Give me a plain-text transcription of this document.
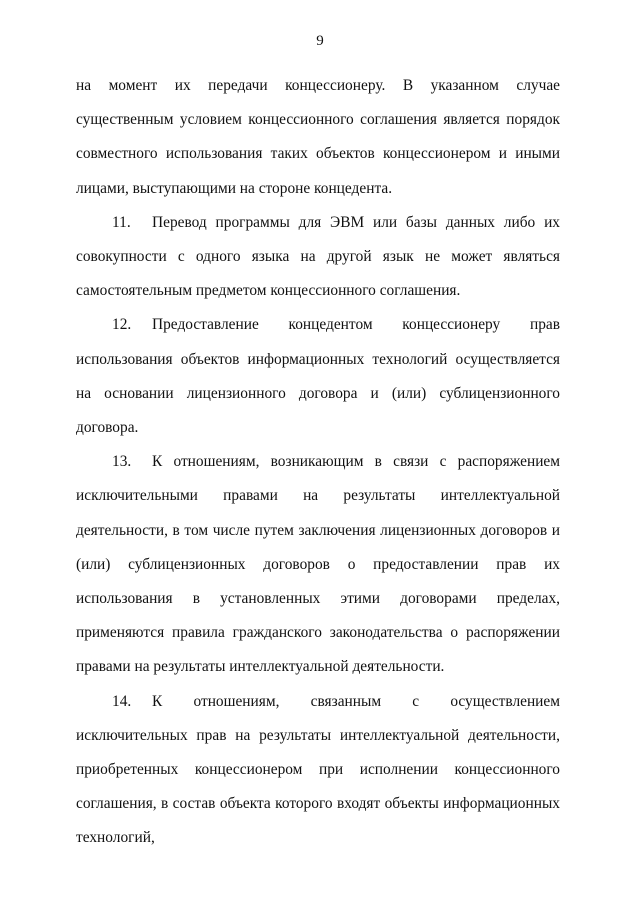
9

на момент их передачи концессионеру. В указанном случае существенным условием концессионного соглашения является порядок совместного использования таких объектов концессионером и иными лицами, выступающими на стороне концедента.

11. Перевод программы для ЭВМ или базы данных либо их совокупности с одного языка на другой язык не может являться самостоятельным предметом концессионного соглашения.

12. Предоставление концедентом концессионеру прав использования объектов информационных технологий осуществляется на основании лицензионного договора и (или) сублицензионного договора.

13. К отношениям, возникающим в связи с распоряжением исключительными правами на результаты интеллектуальной деятельности, в том числе путем заключения лицензионных договоров и (или) сублицензионных договоров о предоставлении прав их использования в установленных этими договорами пределах, применяются правила гражданского законодательства о распоряжении правами на результаты интеллектуальной деятельности.

14. К отношениям, связанным с осуществлением исключительных прав на результаты интеллектуальной деятельности, приобретенных концессионером при исполнении концессионного соглашения, в состав объекта которого входят объекты информационных технологий,
